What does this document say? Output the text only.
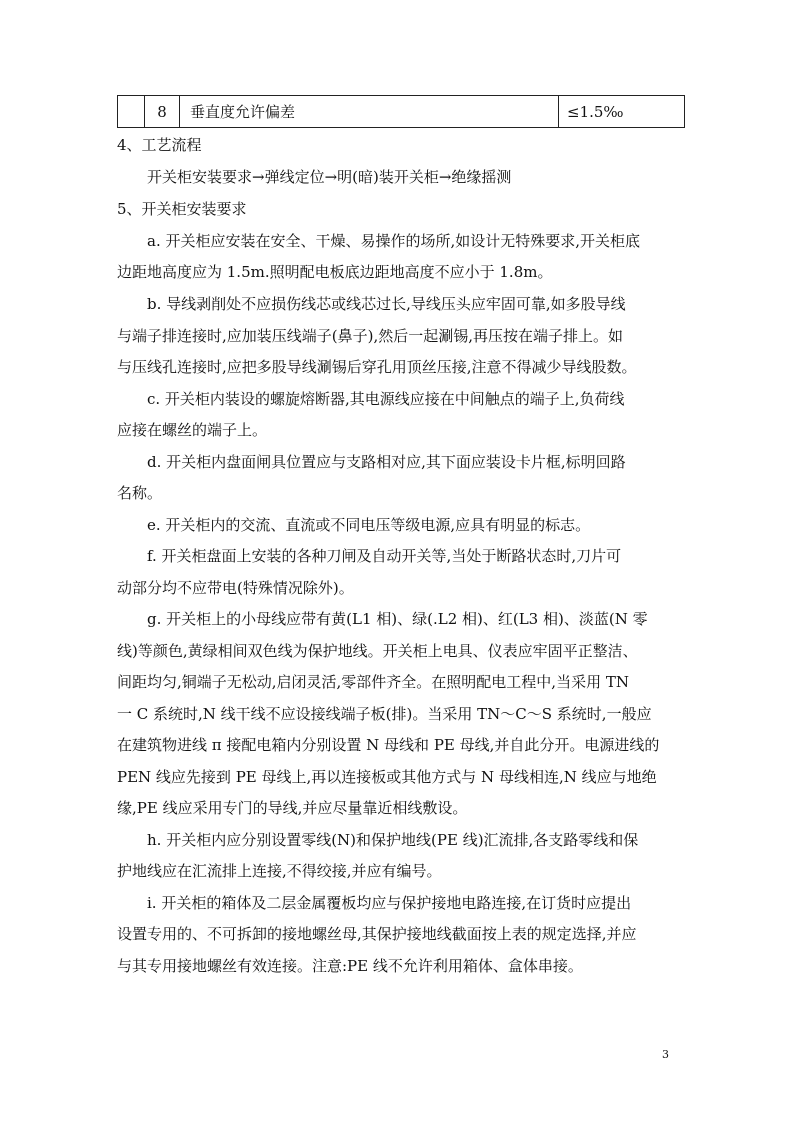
	8	垂直度允许偏差	≤1.5‰
4、工艺流程
开关柜安装要求→弹线定位→明(暗)装开关柜→绝缘摇测
5、开关柜安装要求
a. 开关柜应安装在安全、干燥、易操作的场所,如设计无特殊要求,开关柜底
边距地高度应为 1.5m.照明配电板底边距地高度不应小于 1.8m。
b. 导线剥削处不应损伤线芯或线芯过长,导线压头应牢固可靠,如多股导线
与端子排连接时,应加装压线端子(鼻子),然后一起涮锡,再压按在端子排上。如
与压线孔连接时,应把多股导线涮锡后穿孔用顶丝压接,注意不得减少导线股数。
c. 开关柜内装设的螺旋熔断器,其电源线应接在中间触点的端子上,负荷线
应接在螺丝的端子上。
d. 开关柜内盘面闸具位置应与支路相对应,其下面应装设卡片框,标明回路
名称。
e. 开关柜内的交流、直流或不同电压等级电源,应具有明显的标志。
f. 开关柜盘面上安装的各种刀闸及自动开关等,当处于断路状态时,刀片可
动部分均不应带电(特殊情况除外)。
g. 开关柜上的小母线应带有黄(L1 相)、绿(.L2 相)、红(L3 相)、淡蓝(N 零
线)等颜色,黄绿相间双色线为保护地线。开关柜上电具、仪表应牢固平正整洁、
间距均匀,铜端子无松动,启闭灵活,零部件齐全。在照明配电工程中,当采用 TN
一 C 系统时,N 线干线不应设接线端子板(排)。当采用 TN～C～S 系统时,一般应
在建筑物进线 π 接配电箱内分别设置 N 母线和 PE 母线,并自此分开。电源进线的
PEN 线应先接到 PE 母线上,再以连接板或其他方式与 N 母线相连,N 线应与地绝
缘,PE 线应采用专门的导线,并应尽量靠近相线敷设。
h. 开关柜内应分别设置零线(N)和保护地线(PE 线)汇流排,各支路零线和保
护地线应在汇流排上连接,不得绞接,并应有编号。
i. 开关柜的箱体及二层金属覆板均应与保护接地电路连接,在订货时应提出
设置专用的、不可拆卸的接地螺丝母,其保护接地线截面按上表的规定选择,并应
与其专用接地螺丝有效连接。注意:PE 线不允许利用箱体、盒体串接。
3
